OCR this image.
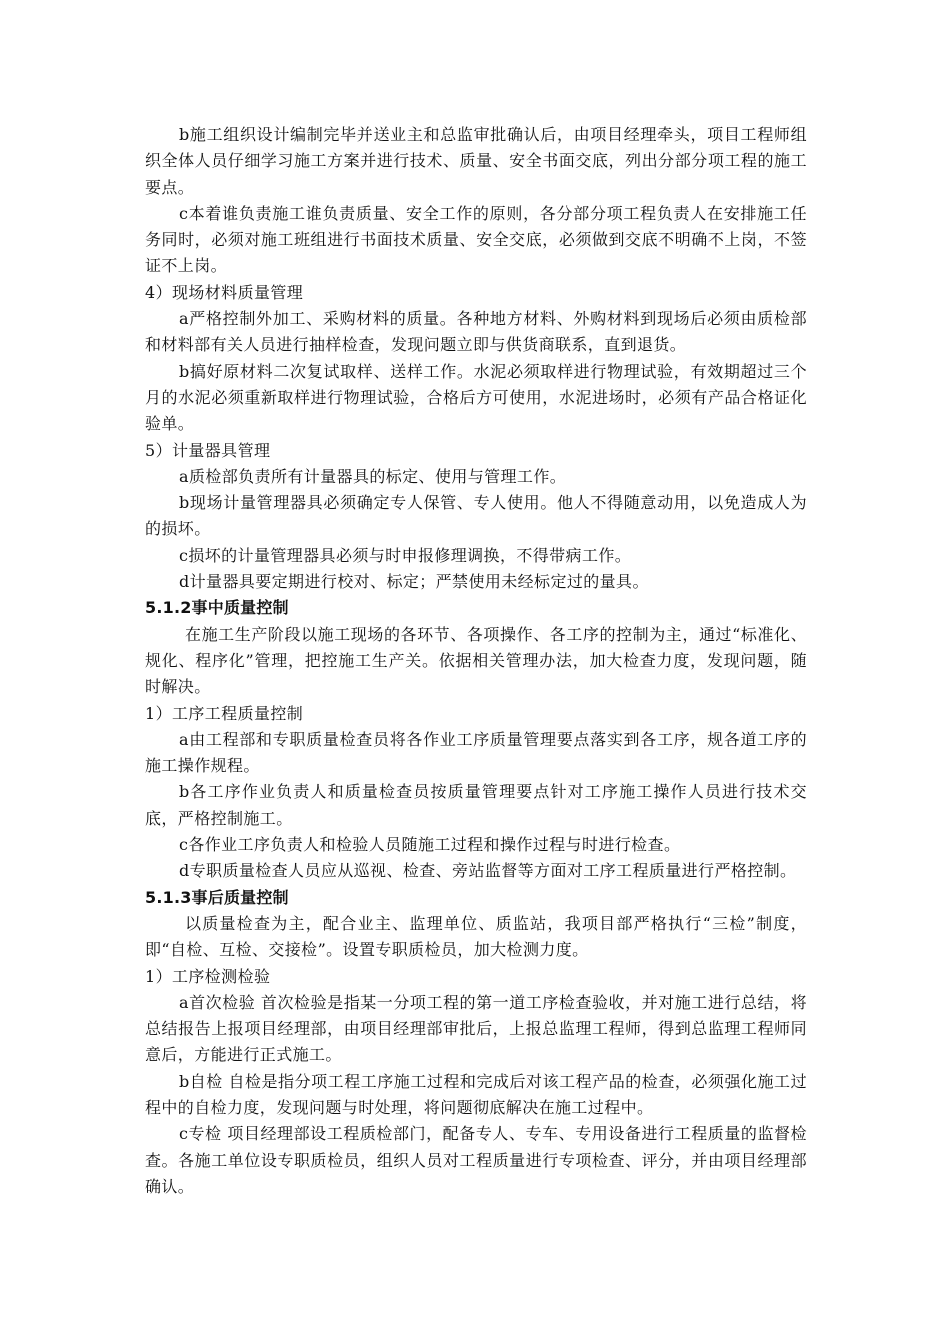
b施工组织设计编制完毕并送业主和总监审批确认后，由项目经理牵头，项目工程师组织全体人员仔细学习施工方案并进行技术、质量、安全书面交底，列出分部分项工程的施工要点。

c本着谁负责施工谁负责质量、安全工作的原则，各分部分项工程负责人在安排施工任务同时，必须对施工班组进行书面技术质量、安全交底，必须做到交底不明确不上岗，不签证不上岗。

4）现场材料质量管理

a严格控制外加工、采购材料的质量。各种地方材料、外购材料到现场后必须由质检部和材料部有关人员进行抽样检查，发现问题立即与供货商联系，直到退货。

b搞好原材料二次复试取样、送样工作。水泥必须取样进行物理试验，有效期超过三个月的水泥必须重新取样进行物理试验，合格后方可使用，水泥进场时，必须有产品合格证化验单。

5）计量器具管理

a质检部负责所有计量器具的标定、使用与管理工作。

b现场计量管理器具必须确定专人保管、专人使用。他人不得随意动用，以免造成人为的损坏。

c损坏的计量管理器具必须与时申报修理调换，不得带病工作。

d计量器具要定期进行校对、标定；严禁使用未经标定过的量具。

5.1.2事中质量控制

在施工生产阶段以施工现场的各环节、各项操作、各工序的控制为主，通过“标准化、规化、程序化”管理，把控施工生产关。依据相关管理办法，加大检查力度，发现问题，随时解决。

1）工序工程质量控制

a由工程部和专职质量检查员将各作业工序质量管理要点落实到各工序，规各道工序的施工操作规程。

b各工序作业负责人和质量检查员按质量管理要点针对工序施工操作人员进行技术交底，严格控制施工。

c各作业工序负责人和检验人员随施工过程和操作过程与时进行检查。

d专职质量检查人员应从巡视、检查、旁站监督等方面对工序工程质量进行严格控制。

5.1.3事后质量控制

以质量检查为主，配合业主、监理单位、质监站，我项目部严格执行“三检”制度，即“自检、互检、交接检”。设置专职质检员，加大检测力度。

1）工序检测检验

a首次检验 首次检验是指某一分项工程的第一道工序检查验收，并对施工进行总结，将总结报告上报项目经理部，由项目经理部审批后，上报总监理工程师，得到总监理工程师同意后，方能进行正式施工。

b自检 自检是指分项工程工序施工过程和完成后对该工程产品的检查，必须强化施工过程中的自检力度，发现问题与时处理，将问题彻底解决在施工过程中。

c专检 项目经理部设工程质检部门，配备专人、专车、专用设备进行工程质量的监督检查。各施工单位设专职质检员，组织人员对工程质量进行专项检查、评分，并由项目经理部确认。
